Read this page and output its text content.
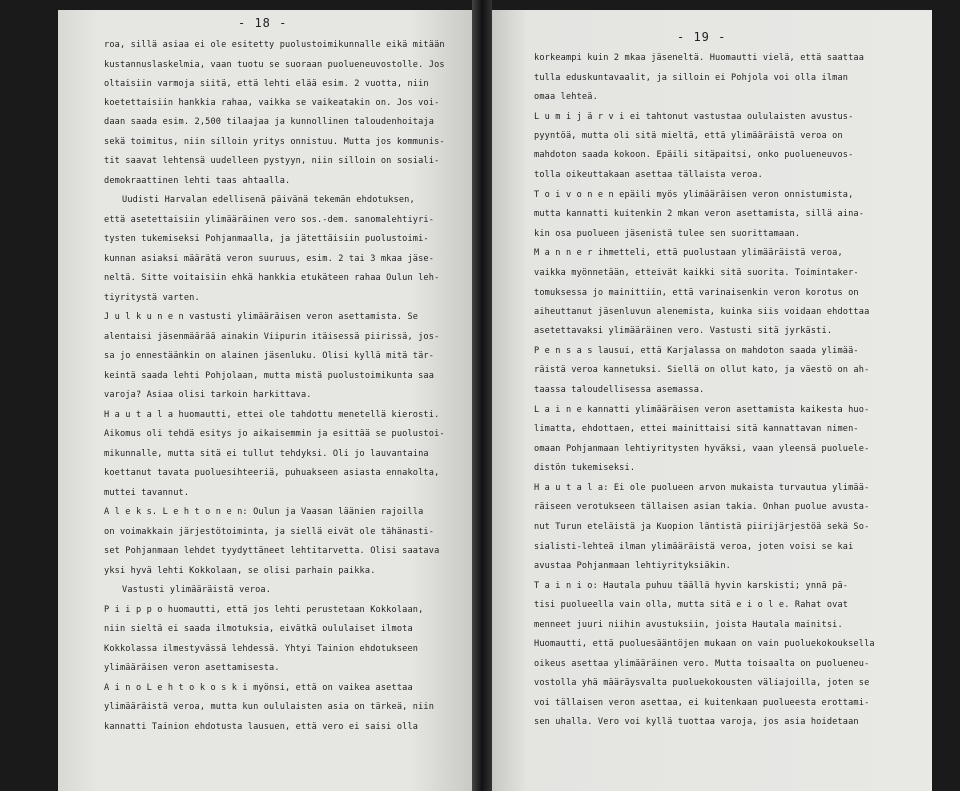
- 18 -
roa, sillä asiaa ei ole esitetty puolustoimikunnalle eikä mitään
kustannuslaskelmia, vaan tuotu se suoraan puolueneuvostolle. Jos
oltaisiin varmoja siitä, että lehti elää esim. 2 vuotta, niin
koetettaisiin hankkia rahaa, vaikka se vaikeatakin on. Jos voi-
daan saada esim. 2,500 tilaajaa ja kunnollinen taloudenhoitaja
sekä toimitus, niin silloin yritys onnistuu. Mutta jos kommunis-
tit saavat lehtensä uudelleen pystyyn, niin silloin on sosiali-
demokraattinen lehti taas ahtaalla.
Uudisti Harvalan edellisenä päivänä tekemän ehdotuksen,
että asetettaisiin ylimääräinen vero sos.-dem. sanomalehtiyri-
tysten tukemiseksi Pohjanmaalla, ja jätettäisiin puolustoimi-
kunnan asiaksi määrätä veron suuruus, esim. 2 tai 3 mkaa jäse-
neltä. Sitte voitaisiin ehkä hankkia etukäteen rahaa Oulun leh-
tiyritystä varten.
J u l k u n e n vastusti ylimääräisen veron asettamista. Se
alentaisi jäsenmäärää ainakin Viipurin itäisessä piirissä, jos-
sa jo ennestäänkin on alainen jäsenluku. Olisi kyllä mitä tär-
keintä saada lehti Pohjolaan, mutta mistä puolustoimikunta saa
varoja? Asiaa olisi tarkoin harkittava.
H a u t a l a huomautti, ettei ole tahdottu menetellä kierosti.
Aikomus oli tehdä esitys jo aikaisemmin ja esittää se puolustoi-
mikunnalle, mutta sitä ei tullut tehdyksi. Oli jo lauvantaina
koettanut tavata puoluesihteeriä, puhuakseen asiasta ennakolta,
muttei tavannut.
A l e k s. L e h t o n e n: Oulun ja Vaasan läänien rajoilla
on voimakkain järjestötoiminta, ja siellä eivät ole tähänasti-
set Pohjanmaan lehdet tyydyttäneet lehtitarvetta. Olisi saatava
yksi hyvä lehti Kokkolaan, se olisi parhain paikka.
Vastusti ylimääräistä veroa.
P i i p p o huomautti, että jos lehti perustetaan Kokkolaan,
niin sieltä ei saada ilmotuksia, eivätkä oululaiset ilmota
Kokkolassa ilmestyvässä lehdessä. Yhtyi Tainion ehdotukseen
ylimääräisen veron asettamisesta.
A i n o L e h t o k o s k i myönsi, että on vaikea asettaa
ylimääräistä veroa, mutta kun oululaisten asia on tärkeä, niin
kannatti Tainion ehdotusta lausuen, että vero ei saisi olla
- 19 -
korkeampi kuin 2 mkaa jäseneltä. Huomautti vielä, että saattaa
tulla eduskuntavaalit, ja silloin ei Pohjola voi olla ilman
omaa lehteä.
L u m i j ä r v i ei tahtonut vastustaa oululaisten avustus-
pyyntöä, mutta oli sitä mieltä, että ylimääräistä veroa on
mahdoton saada kokoon. Epäili sitäpaitsi, onko puolueneuvos-
tolla oikeuttakaan asettaa tällaista veroa.
T o i v o n e n epäili myös ylimääräisen veron onnistumista,
mutta kannatti kuitenkin 2 mkan veron asettamista, sillä aina-
kin osa puolueen jäsenistä tulee sen suorittamaan.
M a n n e r ihmetteli, että puolustaan ylimääräistä veroa,
vaikka myönnetään, etteivät kaikki sitä suorita. Toimintaker-
tomuksessa jo mainittiin, että varinaisenkin veron korotus on
aiheuttanut jäsenluvun alenemista, kuinka siis voidaan ehdottaa
asetettavaksi ylimääräinen vero. Vastusti sitä jyrkästi.
P e n s a s lausui, että Karjalassa on mahdoton saada ylimää-
räistä veroa kannetuksi. Siellä on ollut kato, ja väestö on ah-
taassa taloudellisessa asemassa.
L a i n e kannatti ylimääräisen veron asettamista kaikesta huo-
limatta, ehdottaen, ettei mainittaisi sitä kannattavan nimen-
omaan Pohjanmaan lehtiyritysten hyväksi, vaan yleensä puoluele-
distön tukemiseksi.
H a u t a l a: Ei ole puolueen arvon mukaista turvautua ylimää-
räiseen verotukseen tällaisen asian takia. Onhan puolue avusta-
nut Turun eteläistä ja Kuopion läntistä piirijärjestöä sekä So-
sialisti-lehteä ilman ylimääräistä veroa, joten voisi se kai
avustaa Pohjanmaan lehtiyrityksiäkin.
T a i n i o: Hautala puhuu täällä hyvin karskisti; ynnä pä-
tisi puolueella vain olla, mutta sitä e i o l e. Rahat ovat
menneet juuri niihin avustuksiin, joista Hautala mainitsi.
Huomautti, että puoluesääntöjen mukaan on vain puoluekokouksella
oikeus asettaa ylimääräinen vero. Mutta toisaalta on puolueneu-
vostolla yhä määräysvalta puoluekokousten väliajoilla, joten se
voi tällaisen veron asettaa, ei kuitenkaan puolueesta erottami-
sen uhalla. Vero voi kyllä tuottaa varoja, jos asia hoidetaan
